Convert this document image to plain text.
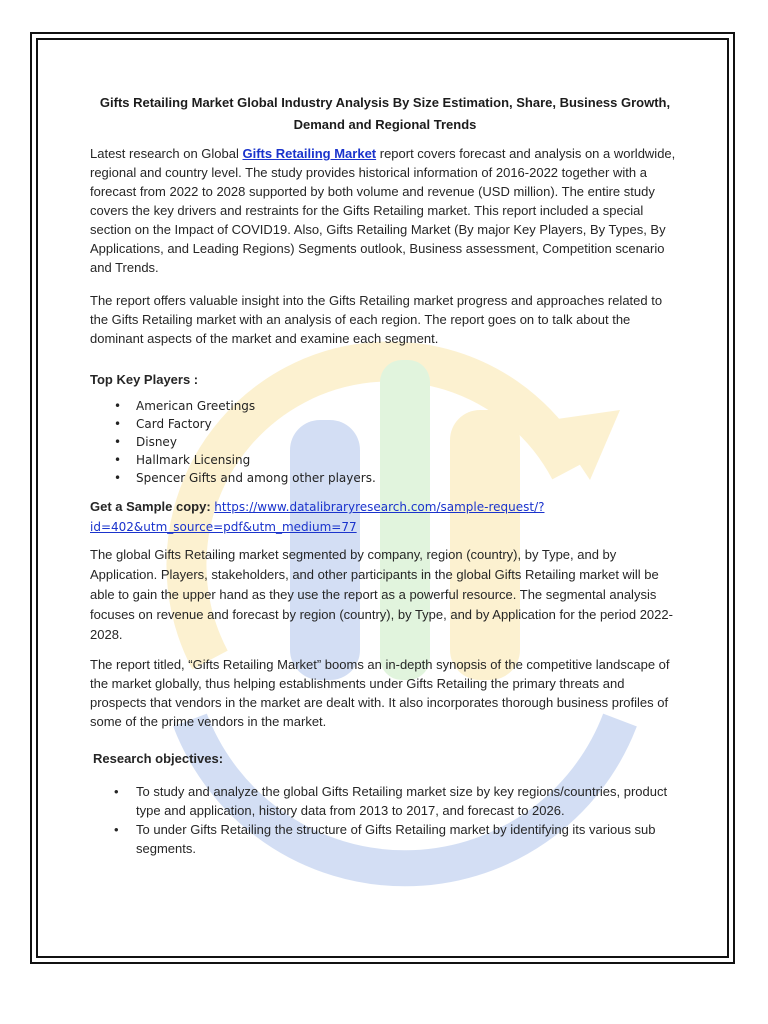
Gifts Retailing Market Global Industry Analysis By Size Estimation, Share, Business Growth, Demand and Regional Trends

Latest research on Global Gifts Retailing Market report covers forecast and analysis on a worldwide, regional and country level. The study provides historical information of 2016-2022 together with a forecast from 2022 to 2028 supported by both volume and revenue (USD million). The entire study covers the key drivers and restraints for the Gifts Retailing market. This report included a special section on the Impact of COVID19. Also, Gifts Retailing Market (By major Key Players, By Types, By Applications, and Leading Regions) Segments outlook, Business assessment, Competition scenario and Trends.

The report offers valuable insight into the Gifts Retailing market progress and approaches related to the Gifts Retailing market with an analysis of each region. The report goes on to talk about the dominant aspects of the market and examine each segment.

Top Key Players :
• American Greetings
• Card Factory
• Disney
• Hallmark Licensing
• Spencer Gifts and among other players.
Get a Sample copy: https://www.datalibraryresearch.com/sample-request/?id=402&utm_source=pdf&utm_medium=77

The global Gifts Retailing market segmented by company, region (country), by Type, and by Application. Players, stakeholders, and other participants in the global Gifts Retailing market will be able to gain the upper hand as they use the report as a powerful resource. The segmental analysis focuses on revenue and forecast by region (country), by Type, and by Application for the period 2022-2028.

The report titled, “Gifts Retailing Market” booms an in-depth synopsis of the competitive landscape of the market globally, thus helping establishments under Gifts Retailing the primary threats and prospects that vendors in the market are dealt with. It also incorporates thorough business profiles of some of the prime vendors in the market.

Research objectives:
• To study and analyze the global Gifts Retailing market size by key regions/countries, product type and application, history data from 2013 to 2017, and forecast to 2026.
• To under Gifts Retailing the structure of Gifts Retailing market by identifying its various sub segments.
